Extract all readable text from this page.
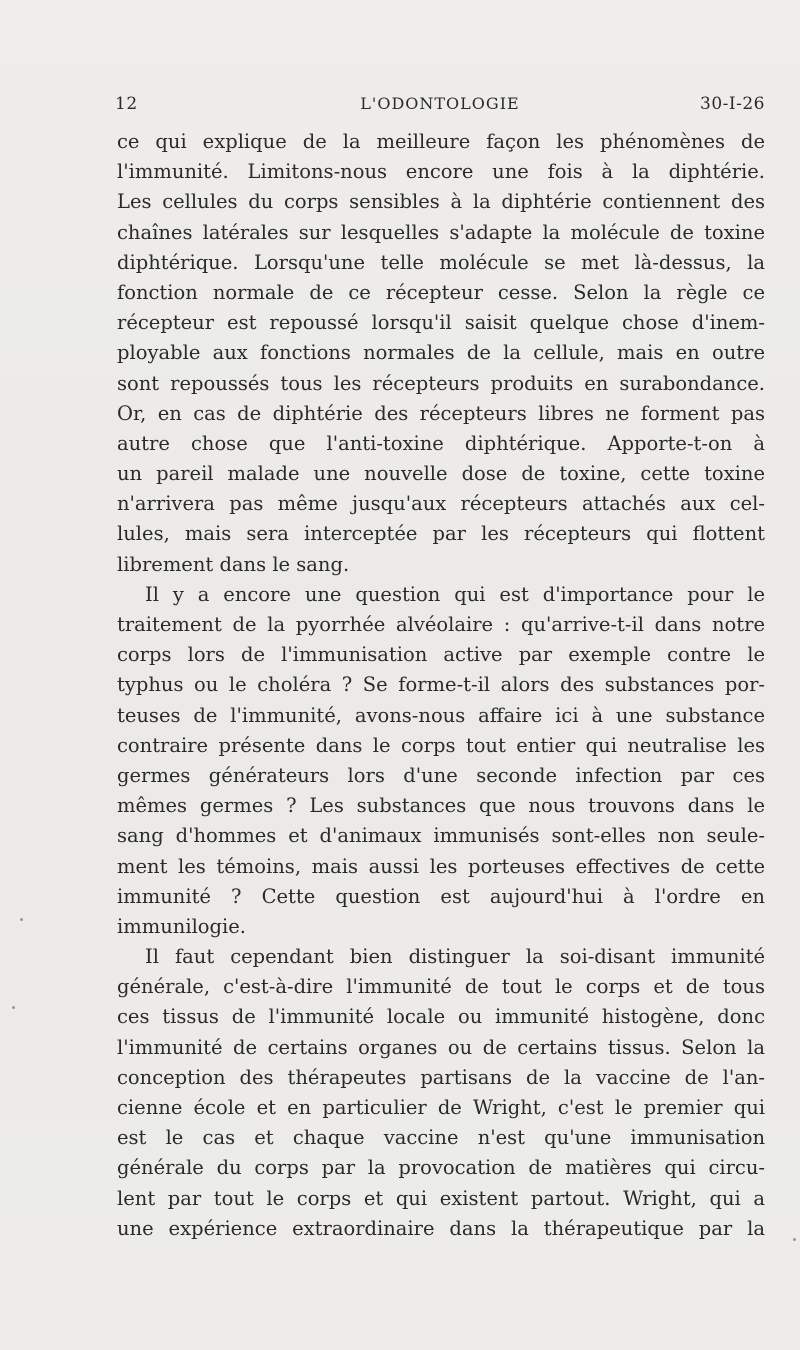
12	L'ODONTOLOGIE	30-I-26
ce qui explique de la meilleure façon les phénomènes de
l'immunité. Limitons-nous encore une fois à la diphtérie.
Les cellules du corps sensibles à la diphtérie contiennent des
chaînes latérales sur lesquelles s'adapte la molécule de toxine
diphtérique. Lorsqu'une telle molécule se met là-dessus, la
fonction normale de ce récepteur cesse. Selon la règle ce
récepteur est repoussé lorsqu'il saisit quelque chose d'inem-
ployable aux fonctions normales de la cellule, mais en outre
sont repoussés tous les récepteurs produits en surabondance.
Or, en cas de diphtérie des récepteurs libres ne forment pas
autre chose que l'anti-toxine diphtérique. Apporte-t-on à
un pareil malade une nouvelle dose de toxine, cette toxine
n'arrivera pas même jusqu'aux récepteurs attachés aux cel-
lules, mais sera interceptée par les récepteurs qui flottent
librement dans le sang.
Il y a encore une question qui est d'importance pour le
traitement de la pyorrhée alvéolaire : qu'arrive-t-il dans notre
corps lors de l'immunisation active par exemple contre le
typhus ou le choléra ? Se forme-t-il alors des substances por-
teuses de l'immunité, avons-nous affaire ici à une substance
contraire présente dans le corps tout entier qui neutralise les
germes générateurs lors d'une seconde infection par ces
mêmes germes ? Les substances que nous trouvons dans le
sang d'hommes et d'animaux immunisés sont-elles non seule-
ment les témoins, mais aussi les porteuses effectives de cette
immunité ? Cette question est aujourd'hui à l'ordre en
immunilogie.
Il faut cependant bien distinguer la soi-disant immunité
générale, c'est-à-dire l'immunité de tout le corps et de tous
ces tissus de l'immunité locale ou immunité histogène, donc
l'immunité de certains organes ou de certains tissus. Selon la
conception des thérapeutes partisans de la vaccine de l'an-
cienne école et en particulier de Wright, c'est le premier qui
est le cas et chaque vaccine n'est qu'une immunisation
générale du corps par la provocation de matières qui circu-
lent par tout le corps et qui existent partout. Wright, qui a
une expérience extraordinaire dans la thérapeutique par la
